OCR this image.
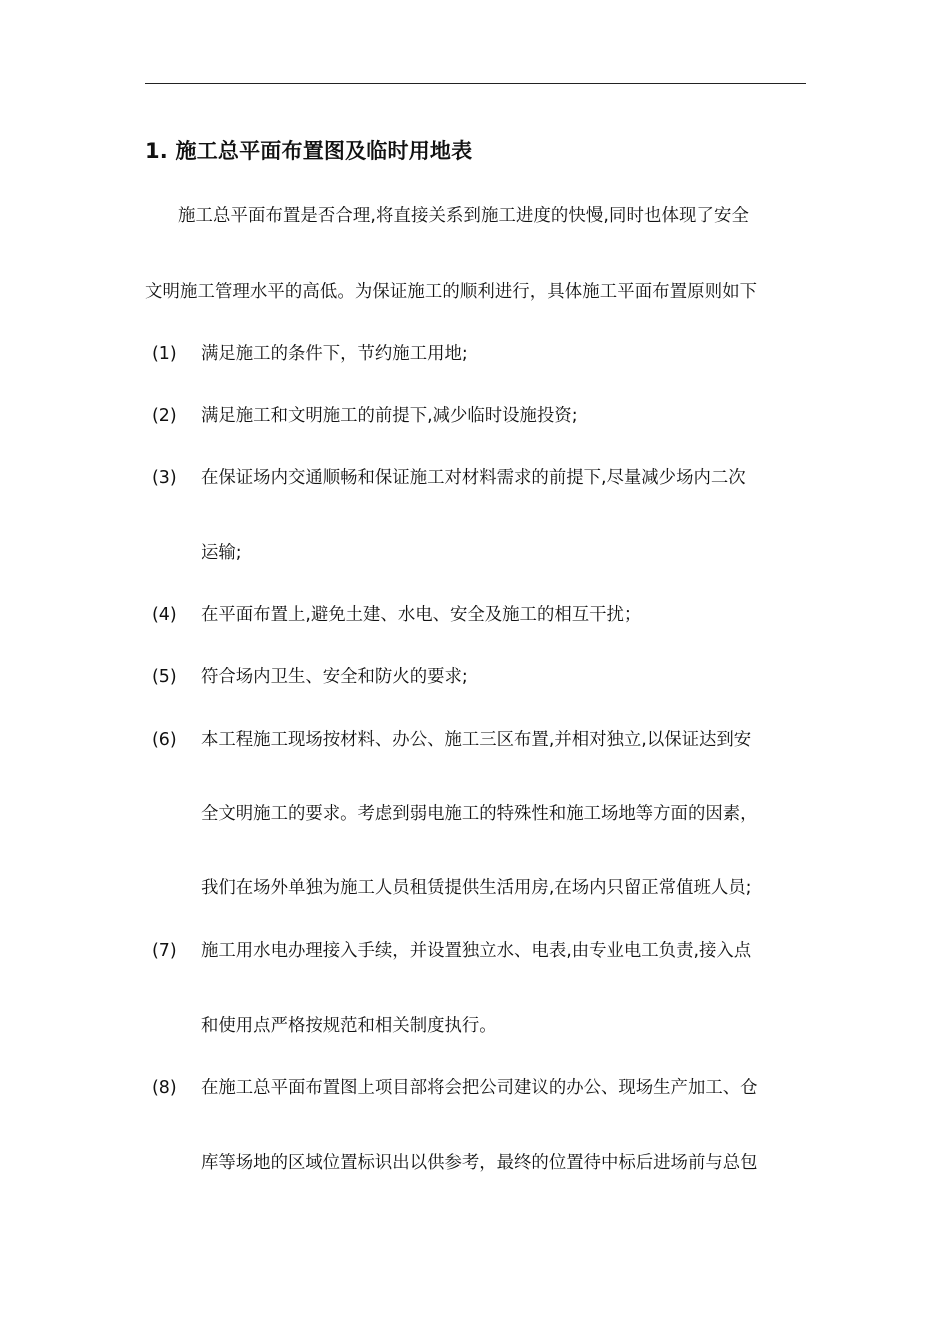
1. 施工总平面布置图及临时用地表
施工总平面布置是否合理,将直接关系到施工进度的快慢,同时也体现了安全
文明施工管理水平的高低。为保证施工的顺利进行，具体施工平面布置原则如下
(1) 满足施工的条件下，节约施工用地;
(2) 满足施工和文明施工的前提下,减少临时设施投资;
(3) 在保证场内交通顺畅和保证施工对材料需求的前提下,尽量减少场内二次
运输;
(4) 在平面布置上,避免土建、水电、安全及施工的相互干扰；
(5) 符合场内卫生、安全和防火的要求;
(6) 本工程施工现场按材料、办公、施工三区布置,并相对独立,以保证达到安
全文明施工的要求。考虑到弱电施工的特殊性和施工场地等方面的因素，
我们在场外单独为施工人员租赁提供生活用房,在场内只留正常值班人员;
(7) 施工用水电办理接入手续，并设置独立水、电表,由专业电工负责,接入点
和使用点严格按规范和相关制度执行。
(8) 在施工总平面布置图上项目部将会把公司建议的办公、现场生产加工、仓
库等场地的区域位置标识出以供参考，最终的位置待中标后进场前与总包
